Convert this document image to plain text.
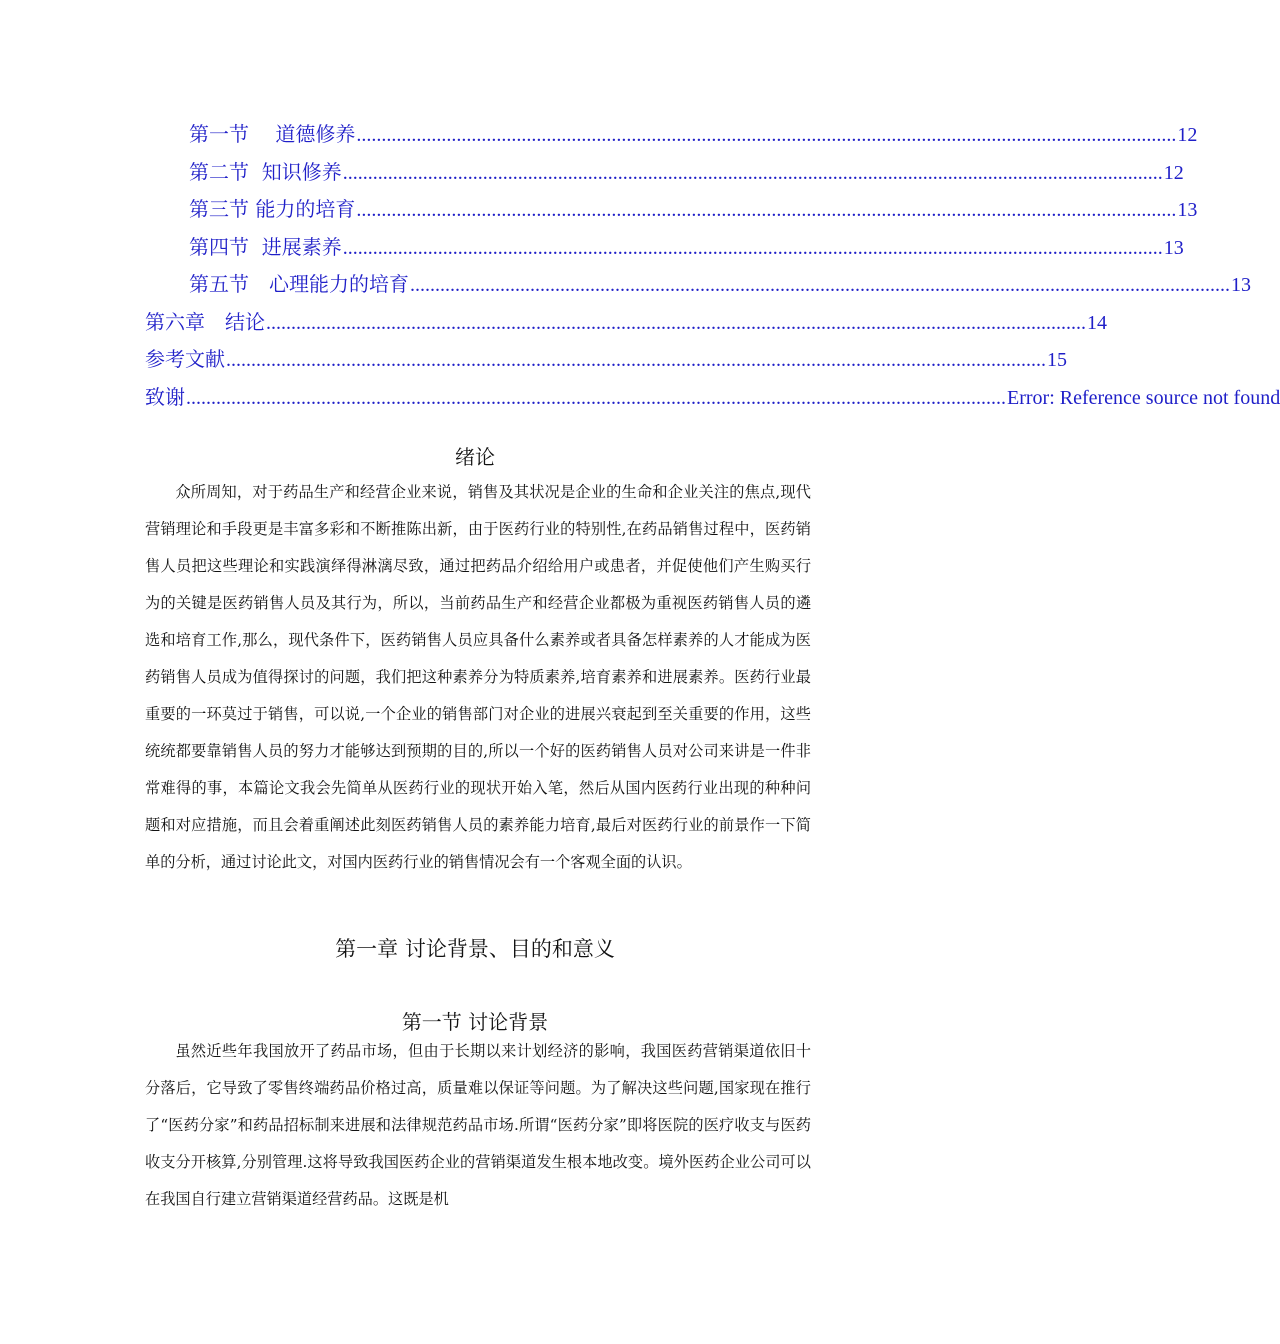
第一节　 道德修养 .................................................................................................................................................................... 12
第二节  知识修养 .................................................................................................................................................................... 12
第三节 能力的培育 .................................................................................................................................................................... 13
第四节  进展素养 .................................................................................................................................................................... 13
第五节　心理能力的培育 .................................................................................................................................................................... 13
第六章　结论 .................................................................................................................................................................... 14
参考文献 .................................................................................................................................................................... 15
致谢 .................................................................................................................................................................... Error: Reference source not found
绪论

众所周知，对于药品生产和经营企业来说，销售及其状况是企业的生命和企业关注的焦点,现代营销理论和手段更是丰富多彩和不断推陈出新，由于医药行业的特别性,在药品销售过程中，医药销售人员把这些理论和实践演绎得淋漓尽致，通过把药品介绍给用户或患者，并促使他们产生购买行为的关键是医药销售人员及其行为，所以，当前药品生产和经营企业都极为重视医药销售人员的遴选和培育工作,那么，现代条件下，医药销售人员应具备什么素养或者具备怎样素养的人才能成为医药销售人员成为值得探讨的问题，我们把这种素养分为特质素养,培育素养和进展素养。医药行业最重要的一环莫过于销售，可以说,一个企业的销售部门对企业的进展兴衰起到至关重要的作用，这些统统都要靠销售人员的努力才能够达到预期的目的,所以一个好的医药销售人员对公司来讲是一件非常难得的事，本篇论文我会先简单从医药行业的现状开始入笔，然后从国内医药行业出现的种种问题和对应措施，而且会着重阐述此刻医药销售人员的素养能力培育,最后对医药行业的前景作一下简单的分析，通过讨论此文，对国内医药行业的销售情况会有一个客观全面的认识。

第一章 讨论背景、目的和意义
第一节 讨论背景

虽然近些年我国放开了药品市场，但由于长期以来计划经济的影响，我国医药营销渠道依旧十分落后，它导致了零售终端药品价格过高，质量难以保证等问题。为了解决这些问题,国家现在推行了“医药分家”和药品招标制来进展和法律规范药品市场.所谓“医药分家”即将医院的医疗收支与医药收支分开核算,分别管理.这将导致我国医药企业的营销渠道发生根本地改变。境外医药企业公司可以在我国自行建立营销渠道经营药品。这既是机
